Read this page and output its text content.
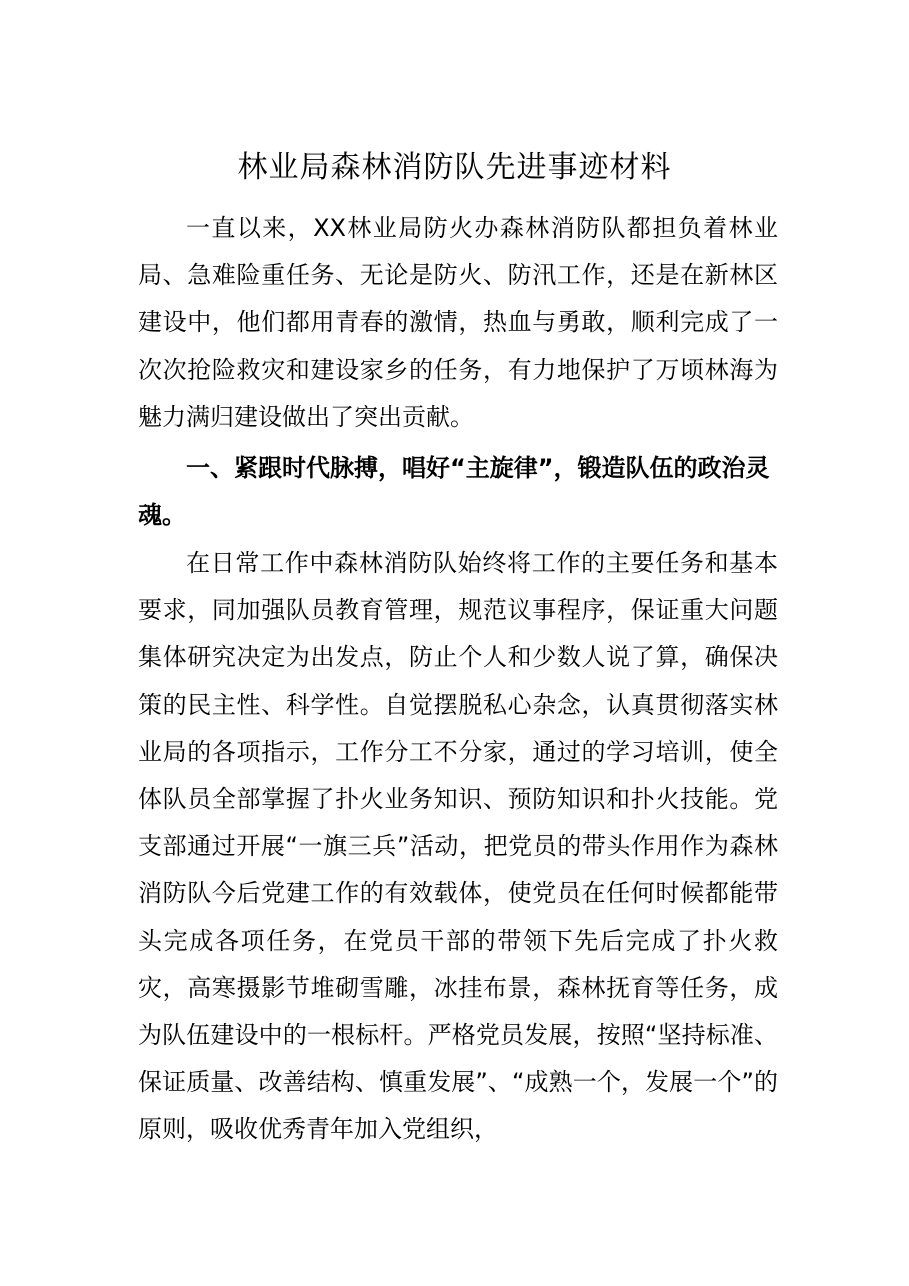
林业局森林消防队先进事迹材料

一直以来，XX林业局防火办森林消防队都担负着林业局、急难险重任务、无论是防火、防汛工作，还是在新林区建设中，他们都用青春的激情，热血与勇敢，顺利完成了一次次抢险救灾和建设家乡的任务，有力地保护了万顷林海为魅力满归建设做出了突出贡献。

一、紧跟时代脉搏，唱好“主旋律”，锻造队伍的政治灵魂。

在日常工作中森林消防队始终将工作的主要任务和基本要求，同加强队员教育管理，规范议事程序，保证重大问题集体研究决定为出发点，防止个人和少数人说了算，确保决策的民主性、科学性。自觉摆脱私心杂念，认真贯彻落实林业局的各项指示，工作分工不分家，通过的学习培训，使全体队员全部掌握了扑火业务知识、预防知识和扑火技能。党支部通过开展“一旗三兵”活动，把党员的带头作用作为森林消防队今后党建工作的有效载体，使党员在任何时候都能带头完成各项任务，在党员干部的带领下先后完成了扑火救灾，高寒摄影节堆砌雪雕，冰挂布景，森林抚育等任务，成为队伍建设中的一根标杆。严格党员发展，按照“坚持标准、保证质量、改善结构、慎重发展”、“成熟一个，发展一个”的原则，吸收优秀青年加入党组织，
